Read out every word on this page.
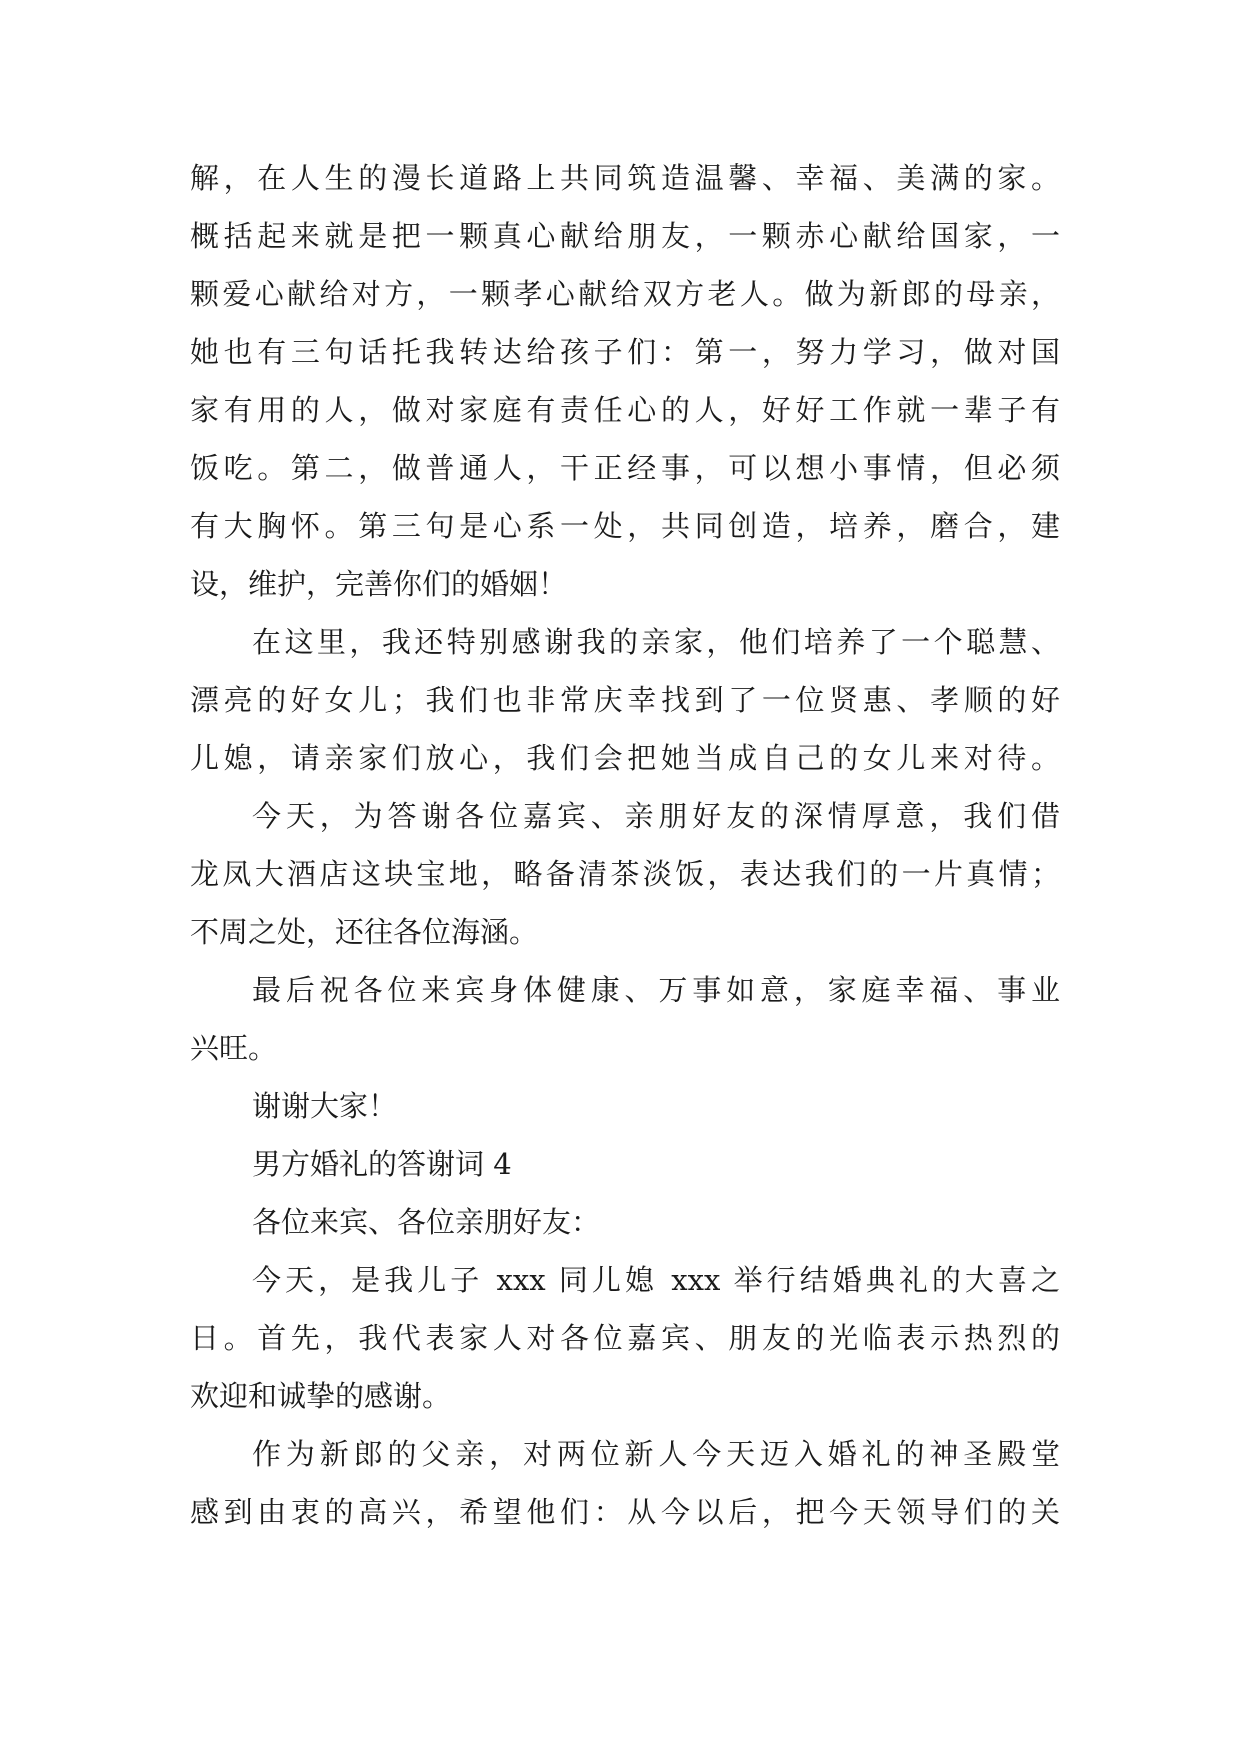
解，在人生的漫长道路上共同筑造温馨、幸福、美满的家。
概括起来就是把一颗真心献给朋友，一颗赤心献给国家，一
颗爱心献给对方，一颗孝心献给双方老人。做为新郎的母亲，
她也有三句话托我转达给孩子们：第一，努力学习，做对国
家有用的人，做对家庭有责任心的人，好好工作就一辈子有
饭吃。第二，做普通人，干正经事，可以想小事情，但必须
有大胸怀。第三句是心系一处，共同创造，培养，磨合，建
设，维护，完善你们的婚姻！
在这里，我还特别感谢我的亲家，他们培养了一个聪慧、
漂亮的好女儿；我们也非常庆幸找到了一位贤惠、孝顺的好
儿媳，请亲家们放心，我们会把她当成自己的女儿来对待。
今天，为答谢各位嘉宾、亲朋好友的深情厚意，我们借
龙凤大酒店这块宝地，略备清茶淡饭，表达我们的一片真情；
不周之处，还往各位海涵。
最后祝各位来宾身体健康、万事如意，家庭幸福、事业
兴旺。
谢谢大家！
男方婚礼的答谢词 4
各位来宾、各位亲朋好友：
今天，是我儿子 xxx 同儿媳 xxx 举行结婚典礼的大喜之
日。首先，我代表家人对各位嘉宾、朋友的光临表示热烈的
欢迎和诚挚的感谢。
作为新郎的父亲，对两位新人今天迈入婚礼的神圣殿堂
感到由衷的高兴，希望他们：从今以后，把今天领导们的关
